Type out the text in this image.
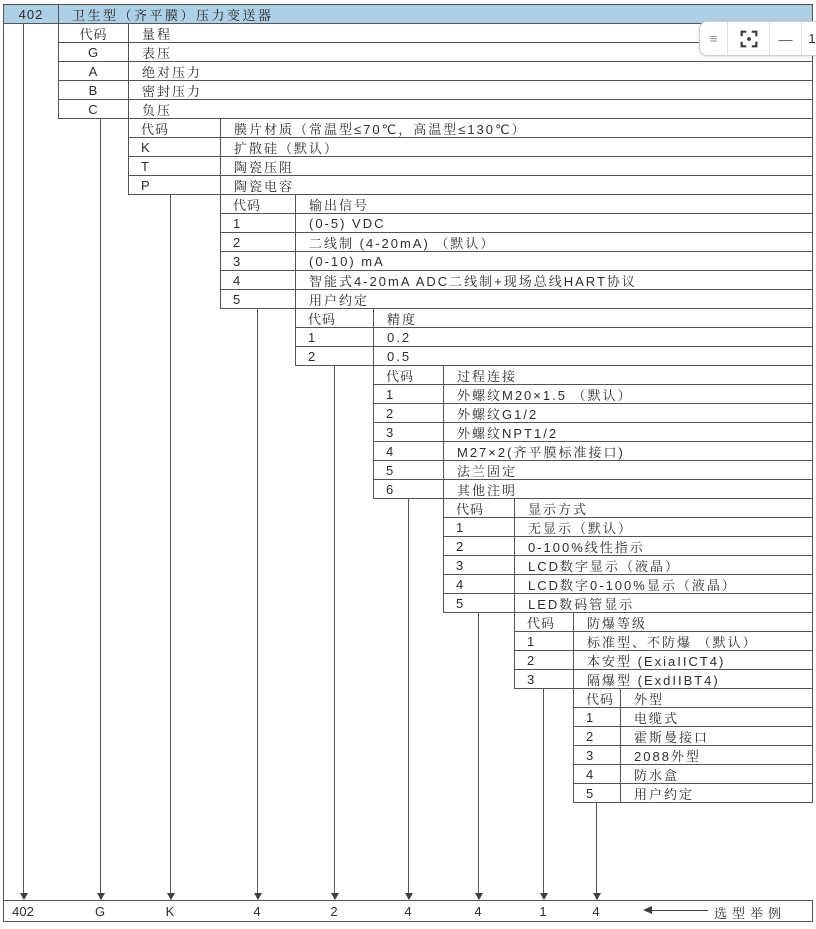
402	卫生型（齐平膜）压力变送器
代码	量程
G	表压
A	绝对压力
B	密封压力
C	负压
代码	膜片材质（常温型≤70℃，高温型≤130℃）
K	扩散硅（默认）
T	陶瓷压阻
P	陶瓷电容
代码	输出信号
1	(0-5) VDC
2	二线制 (4-20mA) （默认）
3	(0-10) mA
4	智能式4-20mA ADC二线制+现场总线HART协议
5	用户约定
代码	精度
1	0.2
2	0.5
代码	过程连接
1	外螺纹M20×1.5 （默认）
2	外螺纹G1/2
3	外螺纹NPT1/2
4	M27×2(齐平膜标准接口)
5	法兰固定
6	其他注明
代码	显示方式
1	无显示（默认）
2	0-100%线性指示
3	LCD数字显示（液晶）
4	LCD数字0-100%显示（液晶）
5	LED数码管显示
代码	防爆等级
1	标准型、不防爆 （默认）
2	本安型 (ExiaIICT4)
3	隔爆型 (ExdIIBT4)
代码	外型
1	电缆式
2	霍斯曼接口
3	2088外型
4	防水盒
5	用户约定
402	G	K	4	2	4	4	1	4	选型举例
≡	— 1
